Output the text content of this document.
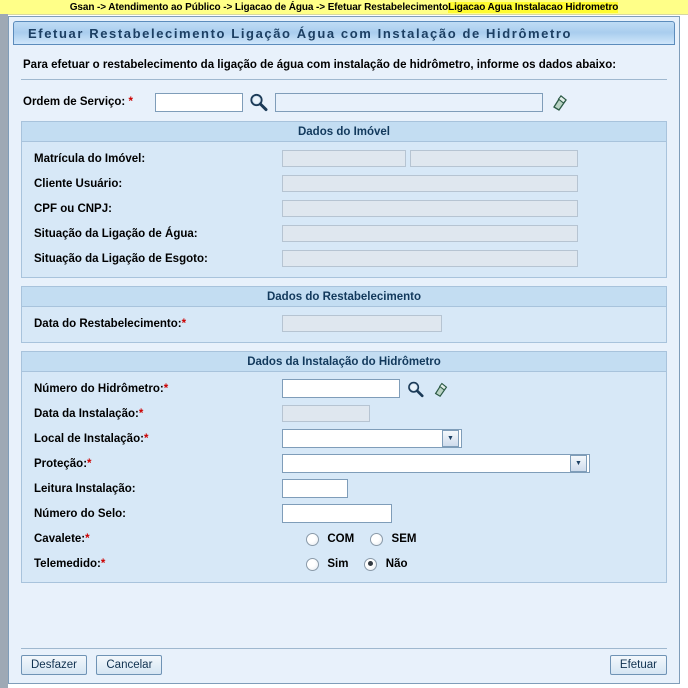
Gsan -> Atendimento ao Público -> Ligacao de Água -> Efetuar Restabelecimento Ligacao Agua Instalacao Hidrometro
Efetuar Restabelecimento Ligação Água com Instalação de Hidrômetro
Para efetuar o restabelecimento da ligação de água com instalação de hidrômetro, informe os dados abaixo:
Ordem de Serviço: *
Dados do Imóvel
Matrícula do Imóvel:
Cliente Usuário:
CPF ou CNPJ:
Situação da Ligação de Água:
Situação da Ligação de Esgoto:
Dados do Restabelecimento
Data do Restabelecimento:*
Dados da Instalação do Hidrômetro
Número do Hidrômetro:*
Data da Instalação:*
Local de Instalação:*	▼
Proteção:*	▼
Leitura Instalação:
Número do Selo:
Cavalete:*	COM	SEM
Telemedido:*	Sim	Não
Desfazer	Cancelar	Efetuar
